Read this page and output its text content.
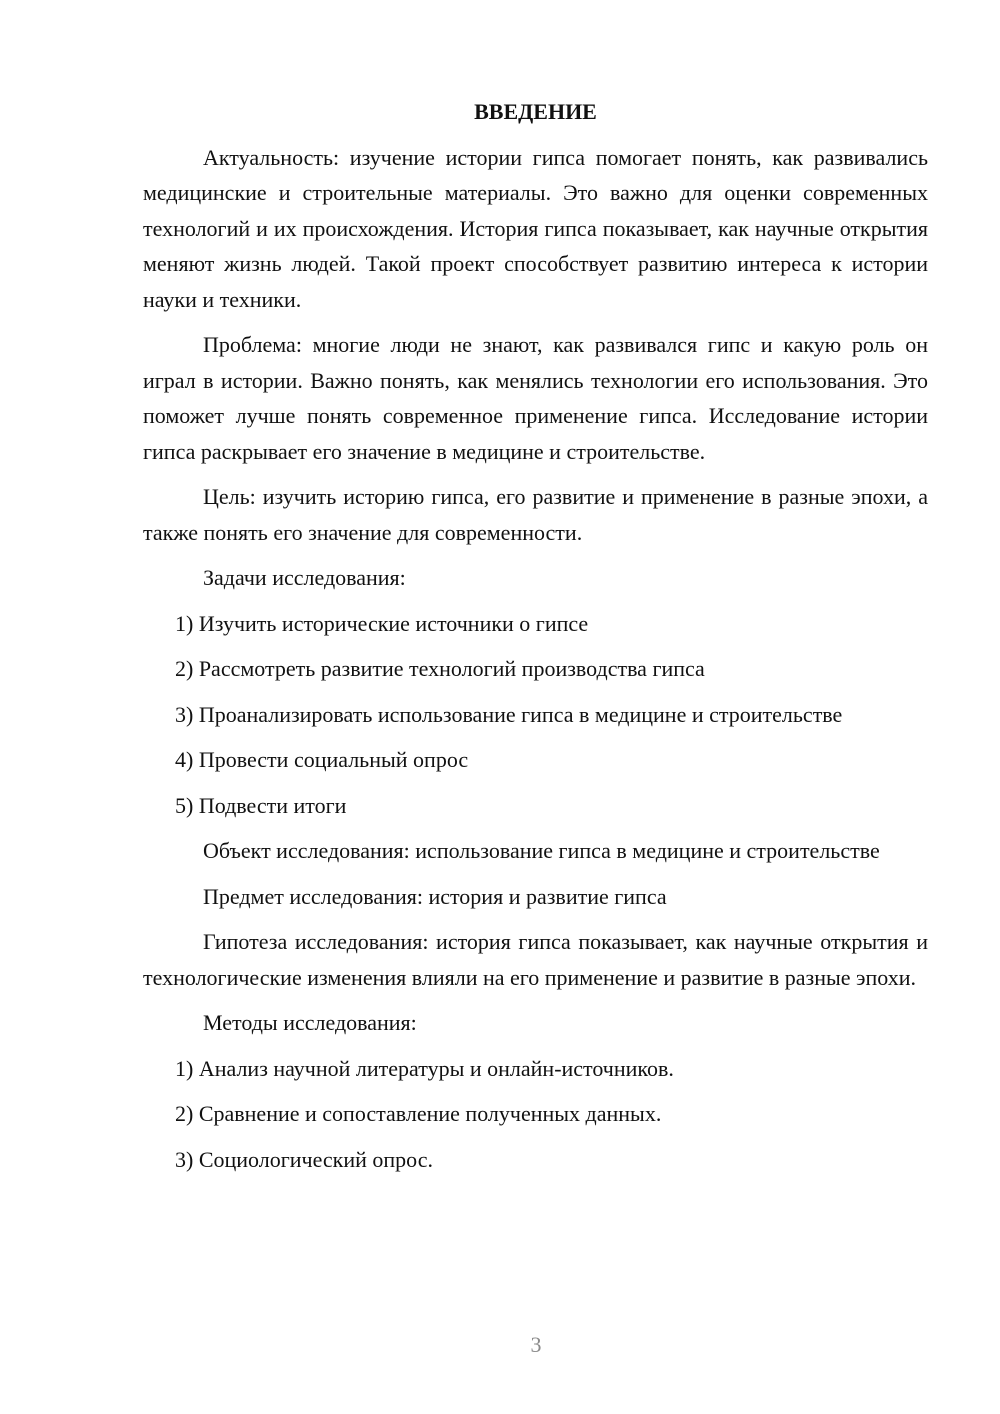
ВВЕДЕНИЕ

Актуальность: изучение истории гипса помогает понять, как развивались медицинские и строительные материалы. Это важно для оценки современных технологий и их происхождения. История гипса показывает, как научные открытия меняют жизнь людей. Такой проект способствует развитию интереса к истории науки и техники.

Проблема: многие люди не знают, как развивался гипс и какую роль он играл в истории. Важно понять, как менялись технологии его использования. Это поможет лучше понять современное применение гипса. Исследование истории гипса раскрывает его значение в медицине и строительстве.

Цель: изучить историю гипса, его развитие и применение в разные эпохи, а также понять его значение для современности.

Задачи исследования:

1) Изучить исторические источники о гипсе

2) Рассмотреть развитие технологий производства гипса

3) Проанализировать использование гипса в медицине и строительстве

4) Провести социальный опрос

5) Подвести итоги

Объект исследования: использование гипса в медицине и строительстве

Предмет исследования: история и развитие гипса

Гипотеза исследования: история гипса показывает, как научные открытия и технологические изменения влияли на его применение и развитие в разные эпохи.

Методы исследования:

1) Анализ научной литературы и онлайн-источников.

2) Сравнение и сопоставление полученных данных.

3) Социологический опрос.

3
